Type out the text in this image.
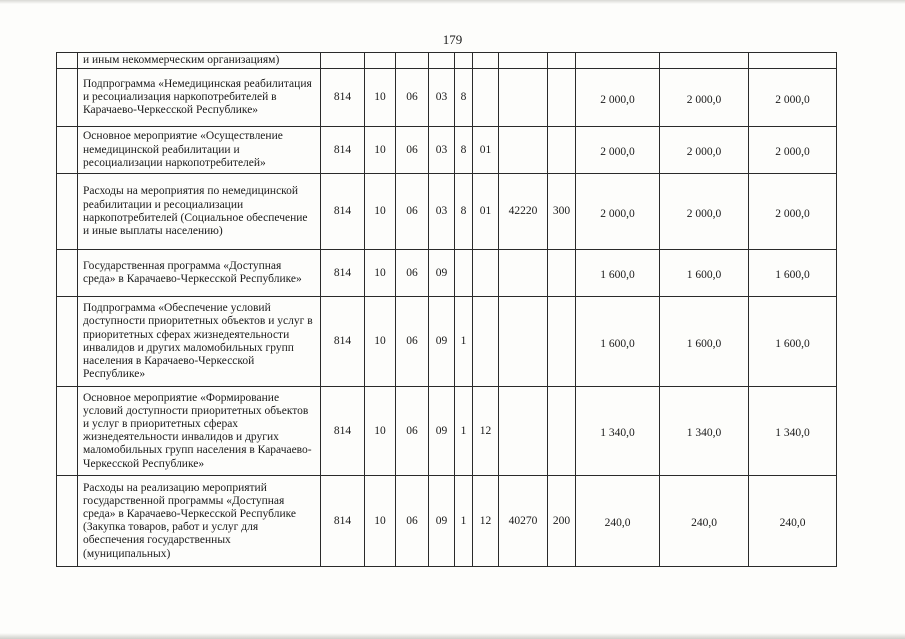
179
	и иным некоммерческим организациям)											
	Подпрограмма «Немедицинская реабилитация и ресоциализация наркопотребителей в Карачаево-Черкесской Республике»	814	10	06	03	8				2 000,0	2 000,0	2 000,0
	Основное мероприятие «Осуществление немедицинской реабилитации и ресоциализации наркопотребителей»	814	10	06	03	8	01			2 000,0	2 000,0	2 000,0
	Расходы на мероприятия по немедицинской реабилитации и ресоциализации наркопотребителей (Социальное обеспечение и иные выплаты населению)	814	10	06	03	8	01	42220	300	2 000,0	2 000,0	2 000,0
	Государственная программа «Доступная среда» в Карачаево-Черкесской Республике»	814	10	06	09					1 600,0	1 600,0	1 600,0
	Подпрограмма «Обеспечение условий доступности приоритетных объектов и услуг в приоритетных сферах жизнедеятельности инвалидов и других маломобильных групп населения в Карачаево-Черкесской Республике»	814	10	06	09	1				1 600,0	1 600,0	1 600,0
	Основное мероприятие «Формирование условий доступности приоритетных объектов и услуг в приоритетных сферах жизнедеятельности инвалидов и других маломобильных групп населения в Карачаево-Черкесской Республике»	814	10	06	09	1	12			1 340,0	1 340,0	1 340,0
	Расходы на реализацию мероприятий государственной программы «Доступная среда» в Карачаево-Черкесской Республике (Закупка товаров, работ и услуг для обеспечения государственных (муниципальных)	814	10	06	09	1	12	40270	200	240,0	240,0	240,0
